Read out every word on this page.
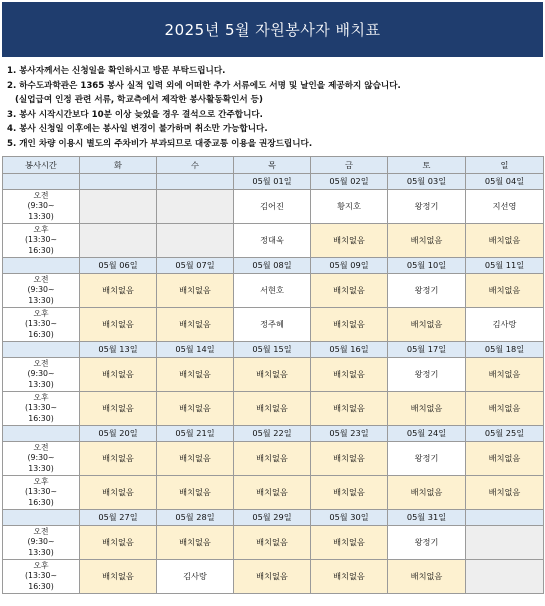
2025년 5월 자원봉사자 배치표
1. 봉사자께서는 신청일을 확인하시고 방문 부탁드립니다.
2. 하수도과학관은 1365 봉사 실적 입력 외에 어떠한 추가 서류에도 서명 및 날인을 제공하지 않습니다.
(실업급여 인정 관련 서류, 학교측에서 제작한 봉사활동확인서 등)
3. 봉사 시작시간보다 10분 이상 늦었을 경우 결석으로 간주합니다.
4. 봉사 신청일 이후에는 봉사일 변경이 불가하며 취소만 가능합니다.
5. 개인 차량 이용시 별도의 주차비가 부과되므로 대중교통 이용을 권장드립니다.
봉사시간	화	수	목	금	토	일
			05월 01일	05월 02일	05월 03일	05월 04일

오전
(9:30~
13:30)			김어진	황지호	왕정기	지선영

오후
(13:30~
16:30)			정대욱	배치없음	배치없음	배치없음
	05월 06일	05월 07일	05월 08일	05월 09일	05월 10일	05월 11일

오전
(9:30~
13:30)	배치없음	배치없음	서현호	배치없음	왕정기	배치없음

오후
(13:30~
16:30)	배치없음	배치없음	정주혜	배치없음	배치없음	김사랑
	05월 13일	05월 14일	05월 15일	05월 16일	05월 17일	05월 18일

오전
(9:30~
13:30)	배치없음	배치없음	배치없음	배치없음	왕정기	배치없음

오후
(13:30~
16:30)	배치없음	배치없음	배치없음	배치없음	배치없음	배치없음
	05월 20일	05월 21일	05월 22일	05월 23일	05월 24일	05월 25일

오전
(9:30~
13:30)	배치없음	배치없음	배치없음	배치없음	왕정기	배치없음

오후
(13:30~
16:30)	배치없음	배치없음	배치없음	배치없음	배치없음	배치없음
	05월 27일	05월 28일	05월 29일	05월 30일	05월 31일	

오전
(9:30~
13:30)	배치없음	배치없음	배치없음	배치없음	왕정기	

오후
(13:30~
16:30)	배치없음	김사랑	배치없음	배치없음	배치없음	
